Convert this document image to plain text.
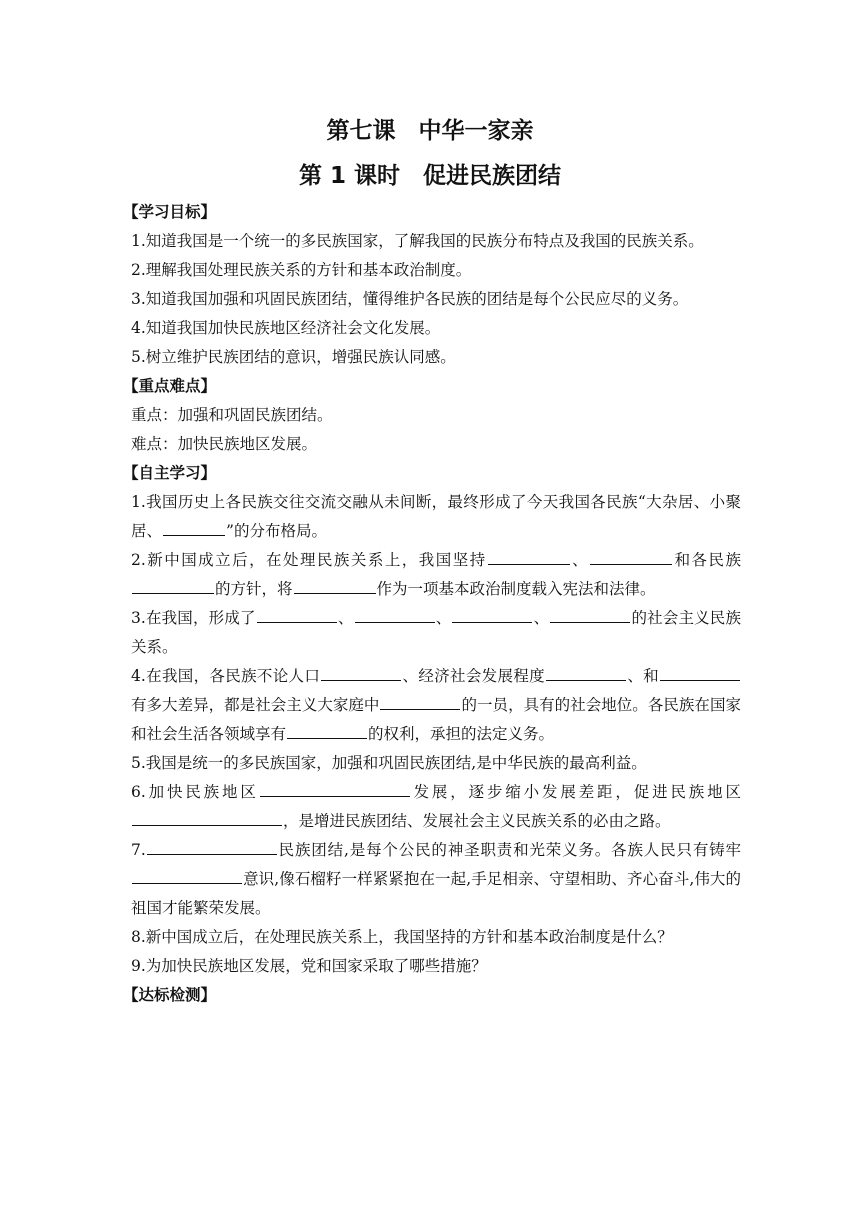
第七课　中华一家亲
第 1 课时　促进民族团结
【学习目标】
1.知道我国是一个统一的多民族国家，了解我国的民族分布特点及我国的民族关系。
2.理解我国处理民族关系的方针和基本政治制度。
3.知道我国加强和巩固民族团结，懂得维护各民族的团结是每个公民应尽的义务。
4.知道我国加快民族地区经济社会文化发展。
5.树立维护民族团结的意识，增强民族认同感。
【重点难点】
重点：加强和巩固民族团结。
难点：加快民族地区发展。
【自主学习】
1.我国历史上各民族交往交流交融从未间断，最终形成了今天我国各民族“大杂居、小聚居、	”的分布格局。
2.新中国成立后，在处理民族关系上，我国坚持	、	和各民族的方针，将	作为一项基本政治制度载入宪法和法律。
3.在我国，形成了	、	、	、	的社会主义民族关系。
4.在我国，各民族不论人口	、经济社会发展程度	、和有多大差异，都是社会主义大家庭中	的一员，具有的社会地位。各民族在国家和社会生活各领域享有	的权利，承担的法定义务。
5.我国是统一的多民族国家，加强和巩固民族团结,是中华民族的最高利益。
6.加快民族地区	发展，逐步缩小发展差距，促进民族地区，是增进民族团结、发展社会主义民族关系的必由之路。
7.	民族团结,是每个公民的神圣职责和光荣义务。各族人民只有铸牢意识,像石榴籽一样紧紧抱在一起,手足相亲、守望相助、齐心奋斗,伟大的祖国才能繁荣发展。
8.新中国成立后，在处理民族关系上，我国坚持的方针和基本政治制度是什么？
9.为加快民族地区发展，党和国家采取了哪些措施？
【达标检测】
